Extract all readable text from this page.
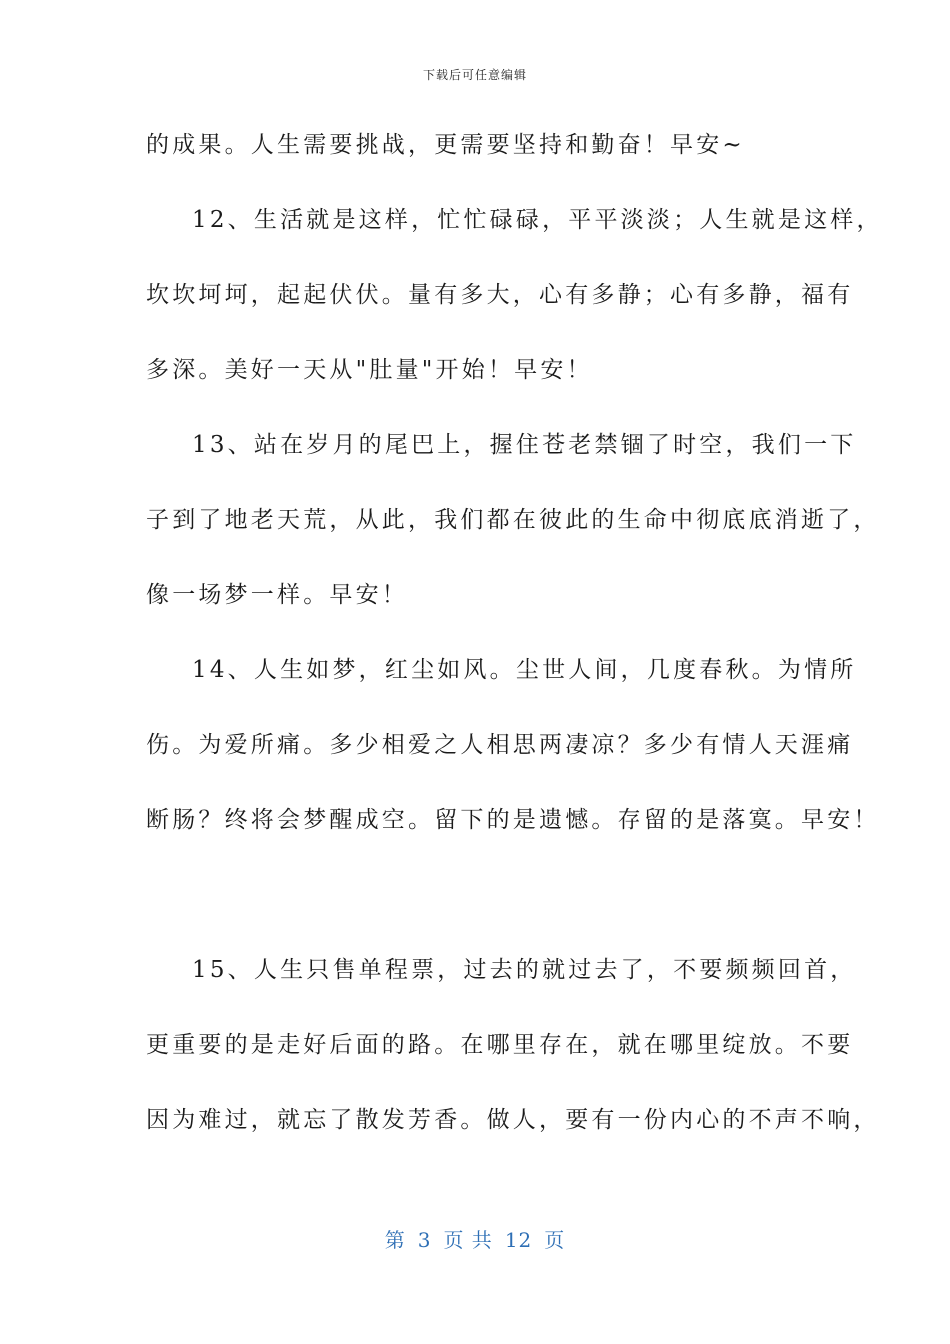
下载后可任意编辑
的成果。人生需要挑战，更需要坚持和勤奋！早安~
12、生活就是这样，忙忙碌碌，平平淡淡；人生就是这样，
坎坎坷坷，起起伏伏。量有多大，心有多静；心有多静，福有
多深。美好一天从"肚量"开始！早安！
13、站在岁月的尾巴上，握住苍老禁锢了时空，我们一下
子到了地老天荒，从此，我们都在彼此的生命中彻底底消逝了，
像一场梦一样。早安！
14、人生如梦，红尘如风。尘世人间，几度春秋。为情所
伤。为爱所痛。多少相爱之人相思两凄凉？多少有情人天涯痛
断肠？终将会梦醒成空。留下的是遗憾。存留的是落寞。早安！
15、人生只售单程票，过去的就过去了，不要频频回首，
更重要的是走好后面的路。在哪里存在，就在哪里绽放。不要
因为难过，就忘了散发芳香。做人，要有一份内心的不声不响，
第 3 页 共 12 页
